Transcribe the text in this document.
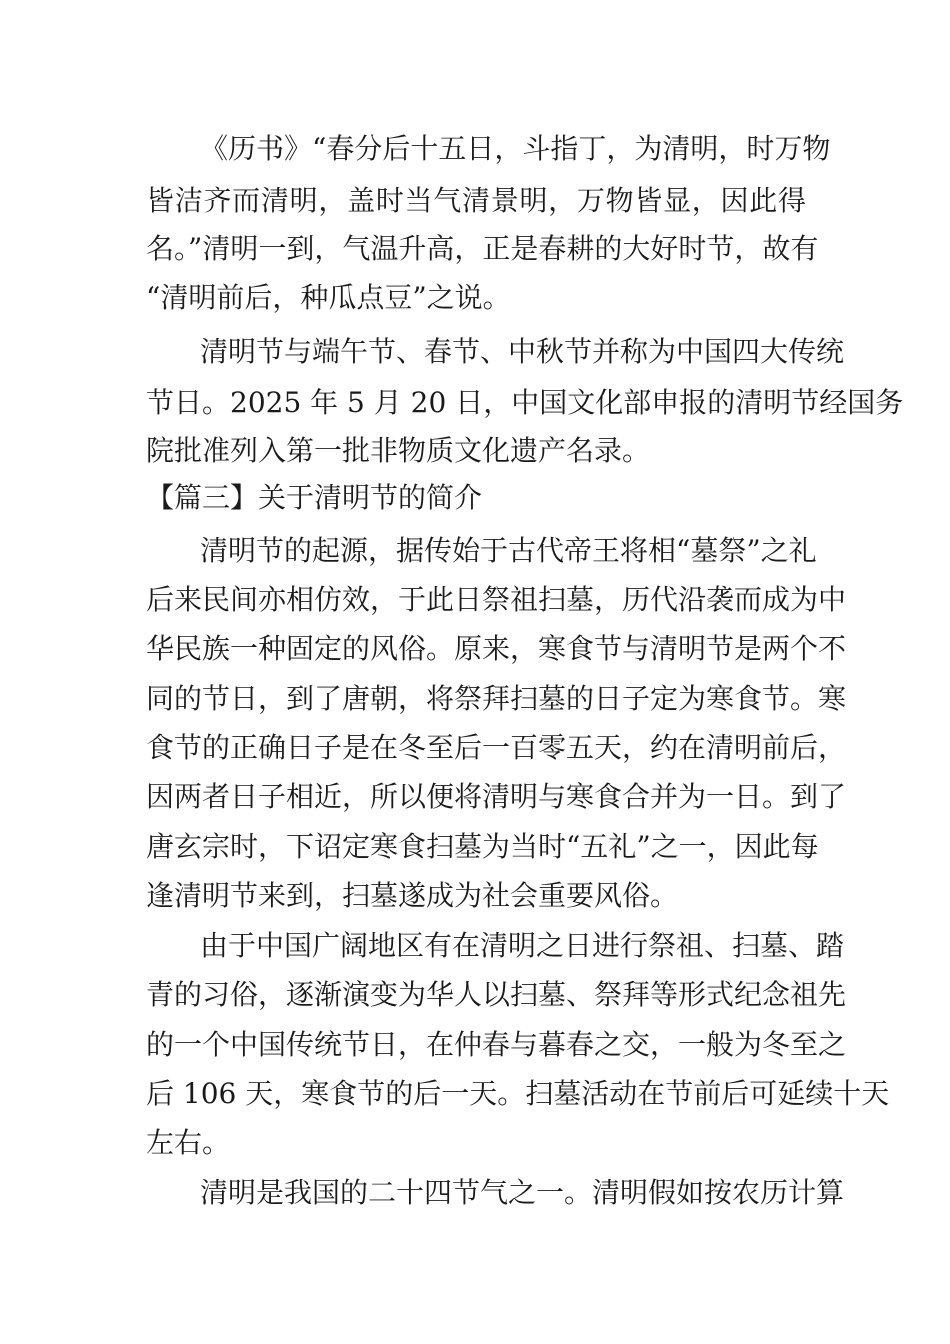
《历书》“春分后十五日，斗指丁，为清明，时万物
皆洁齐而清明，盖时当气清景明，万物皆显，因此得
名。”清明一到，气温升高，正是春耕的大好时节，故有
“清明前后，种瓜点豆”之说。
清明节与端午节、春节、中秋节并称为中国四大传统
节日。2025 年 5 月 20 日，中国文化部申报的清明节经国务
院批准列入第一批非物质文化遗产名录。
【篇三】关于清明节的简介
清明节的起源，据传始于古代帝王将相“墓祭”之礼
后来民间亦相仿效，于此日祭祖扫墓，历代沿袭而成为中
华民族一种固定的风俗。原来，寒食节与清明节是两个不
同的节日，到了唐朝，将祭拜扫墓的日子定为寒食节。寒
食节的正确日子是在冬至后一百零五天，约在清明前后，
因两者日子相近，所以便将清明与寒食合并为一日。到了
唐玄宗时，下诏定寒食扫墓为当时“五礼”之一，因此每
逢清明节来到，扫墓遂成为社会重要风俗。
由于中国广阔地区有在清明之日进行祭祖、扫墓、踏
青的习俗，逐渐演变为华人以扫墓、祭拜等形式纪念祖先
的一个中国传统节日，在仲春与暮春之交，一般为冬至之
后 106 天，寒食节的后一天。扫墓活动在节前后可延续十天
左右。
清明是我国的二十四节气之一。清明假如按农历计算
